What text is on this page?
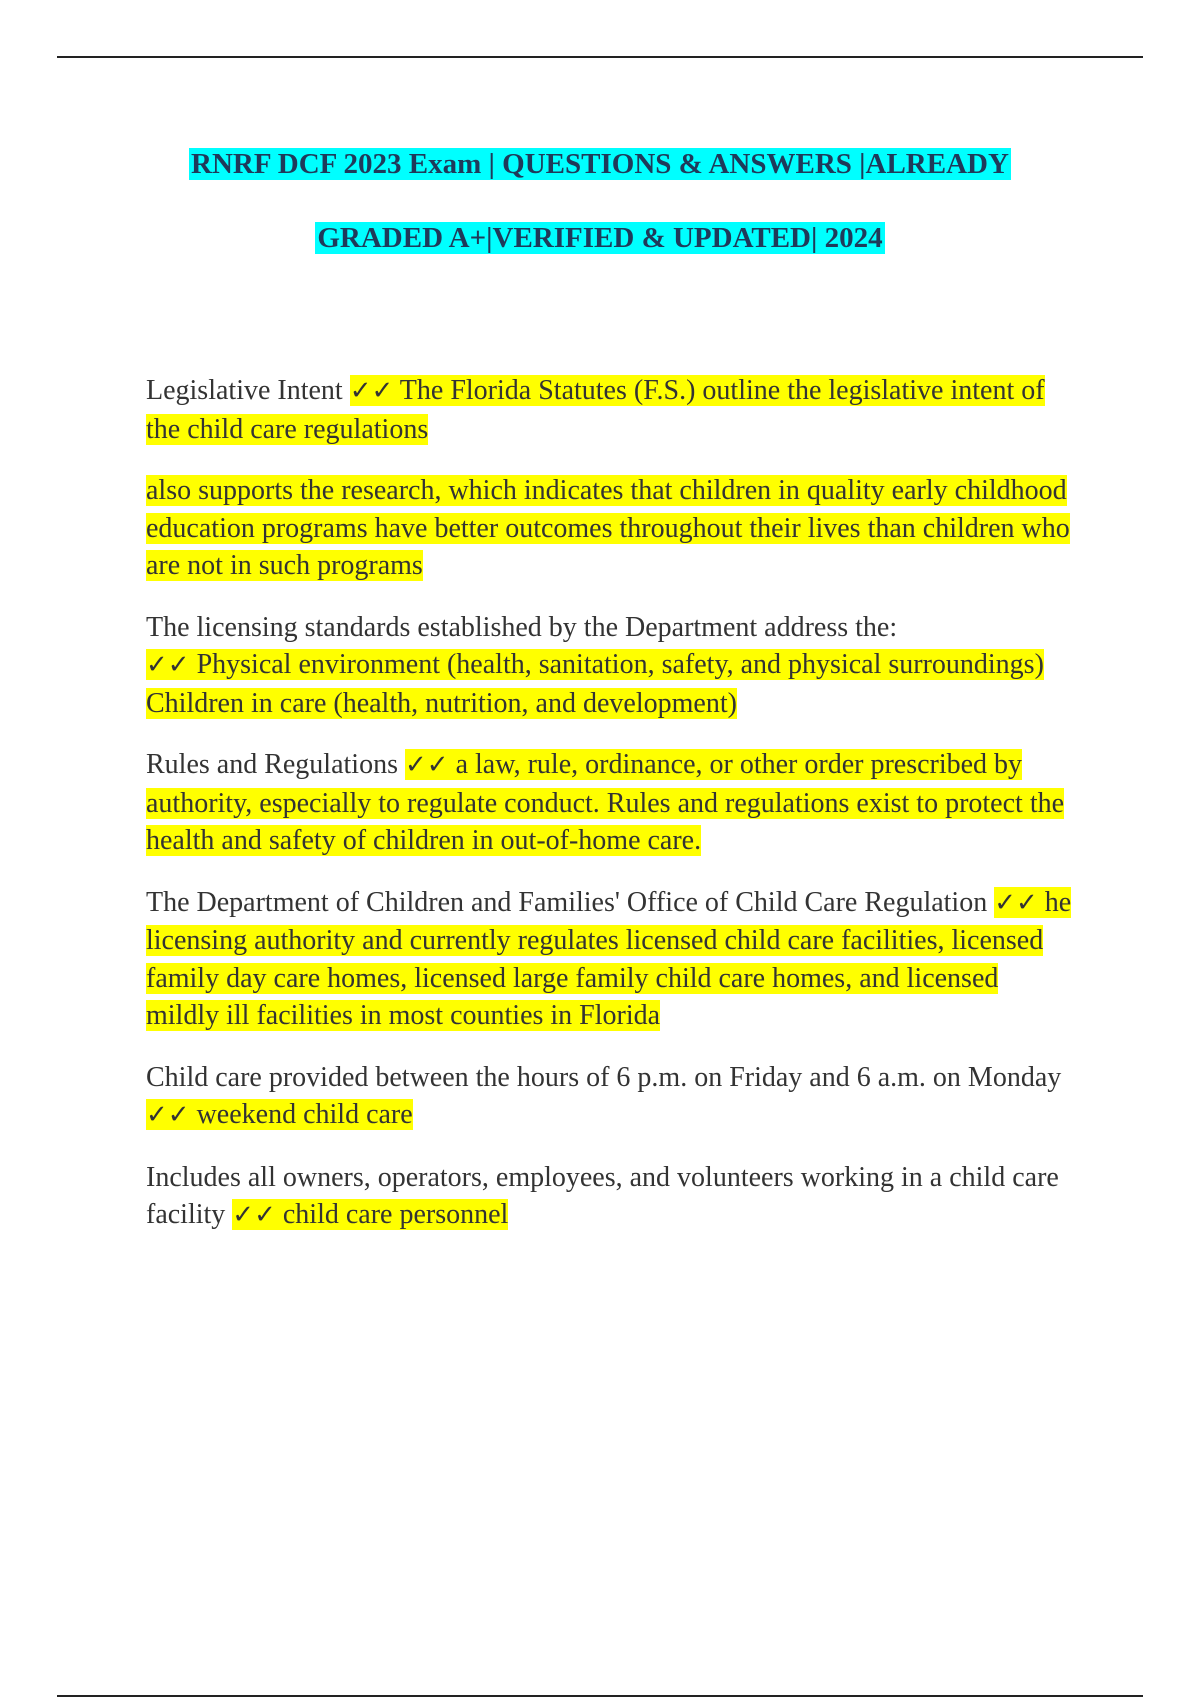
RNRF DCF 2023 Exam | QUESTIONS & ANSWERS |ALREADY
GRADED A+|VERIFIED & UPDATED| 2024

Legislative Intent ✓✓ The Florida Statutes (F.S.) outline the legislative intent of the child care regulations

also supports the research, which indicates that children in quality early childhood education programs have better outcomes throughout their lives than children who are not in such programs

The licensing standards established by the Department address the:
✓✓ Physical environment (health, sanitation, safety, and physical surroundings)
Children in care (health, nutrition, and development)

Rules and Regulations ✓✓ a law, rule, ordinance, or other order prescribed by authority, especially to regulate conduct. Rules and regulations exist to protect the health and safety of children in out-of-home care.

The Department of Children and Families' Office of Child Care Regulation ✓✓ he licensing authority and currently regulates licensed child care facilities, licensed family day care homes, licensed large family child care homes, and licensed mildly ill facilities in most counties in Florida

Child care provided between the hours of 6 p.m. on Friday and 6 a.m. on Monday ✓✓ weekend child care

Includes all owners, operators, employees, and volunteers working in a child care facility ✓✓ child care personnel
